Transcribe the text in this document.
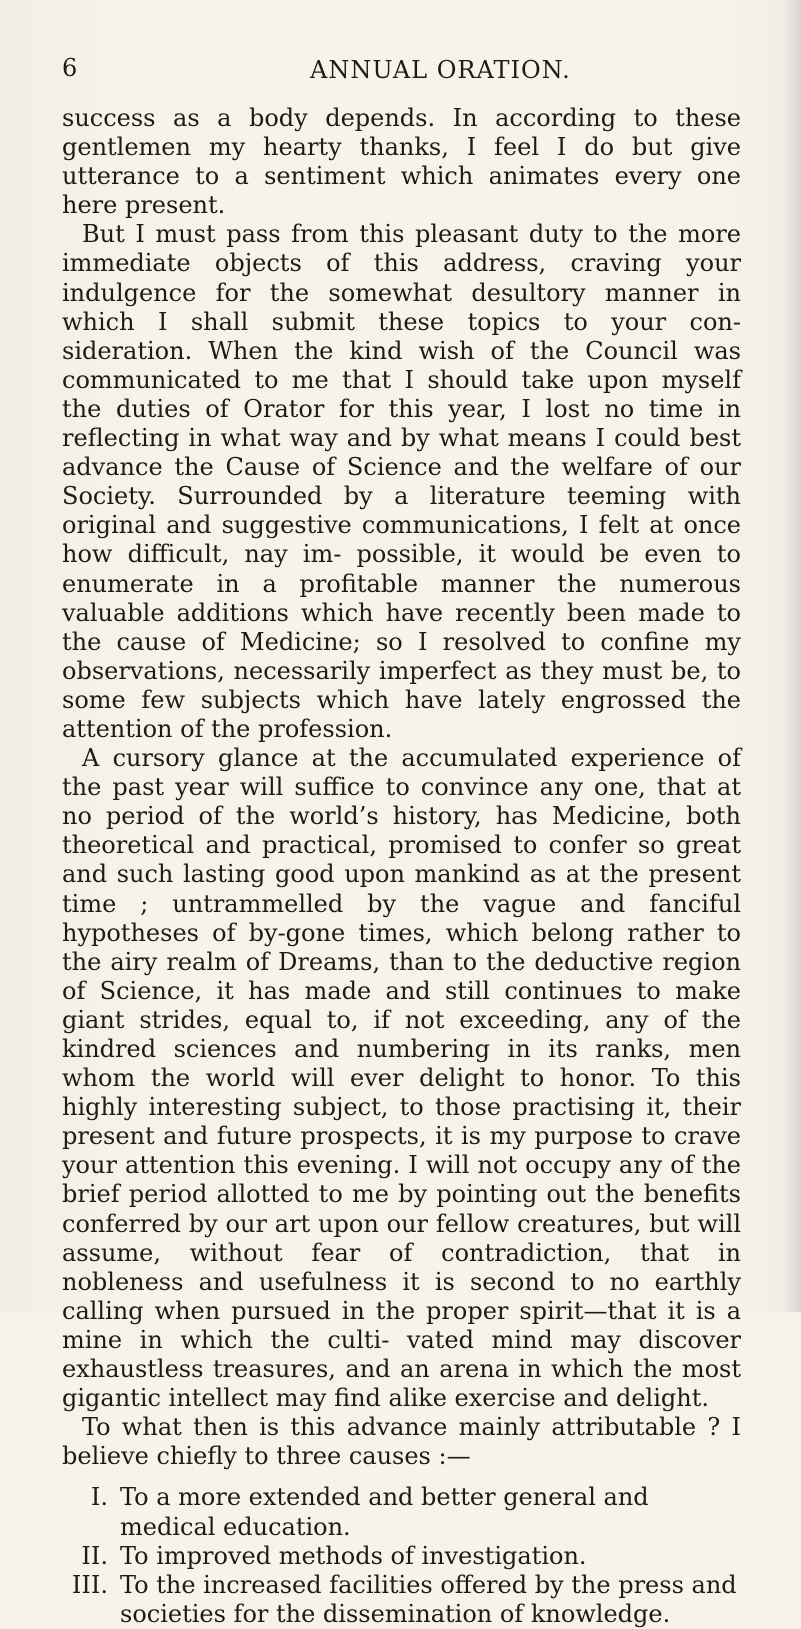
6	ANNUAL ORATION.

success as a body depends. In according to these gentlemen my hearty thanks, I feel I do but give utterance to a sentiment which animates every one here present.

But I must pass from this pleasant duty to the more immediate objects of this address, craving your indulgence for the somewhat desultory manner in which I shall submit these topics to your con- sideration. When the kind wish of the Council was communicated to me that I should take upon myself the duties of Orator for this year, I lost no time in reflecting in what way and by what means I could best advance the Cause of Science and the welfare of our Society. Surrounded by a literature teeming with original and suggestive communications, I felt at once how difficult, nay im- possible, it would be even to enumerate in a profitable manner the numerous valuable additions which have recently been made to the cause of Medicine; so I resolved to confine my observations, necessarily imperfect as they must be, to some few subjects which have lately engrossed the attention of the profession.

A cursory glance at the accumulated experience of the past year will suffice to convince any one, that at no period of the world’s history, has Medicine, both theoretical and practical, promised to confer so great and such lasting good upon mankind as at the present time ; untrammelled by the vague and fanciful hypotheses of by-gone times, which belong rather to the airy realm of Dreams, than to the deductive region of Science, it has made and still continues to make giant strides, equal to, if not exceeding, any of the kindred sciences and numbering in its ranks, men whom the world will ever delight to honor. To this highly interesting subject, to those practising it, their present and future prospects, it is my purpose to crave your attention this evening. I will not occupy any of the brief period allotted to me by pointing out the benefits conferred by our art upon our fellow creatures, but will assume, without fear of contradiction, that in nobleness and usefulness it is second to no earthly calling when pursued in the proper spirit—that it is a mine in which the culti- vated mind may discover exhaustless treasures, and an arena in which the most gigantic intellect may find alike exercise and delight.

To what then is this advance mainly attributable ? I believe chiefly to three causes :—

I. To a more extended and better general and medical education.
II. To improved methods of investigation.
III. To the increased facilities offered by the press and societies for the dissemination of knowledge.
